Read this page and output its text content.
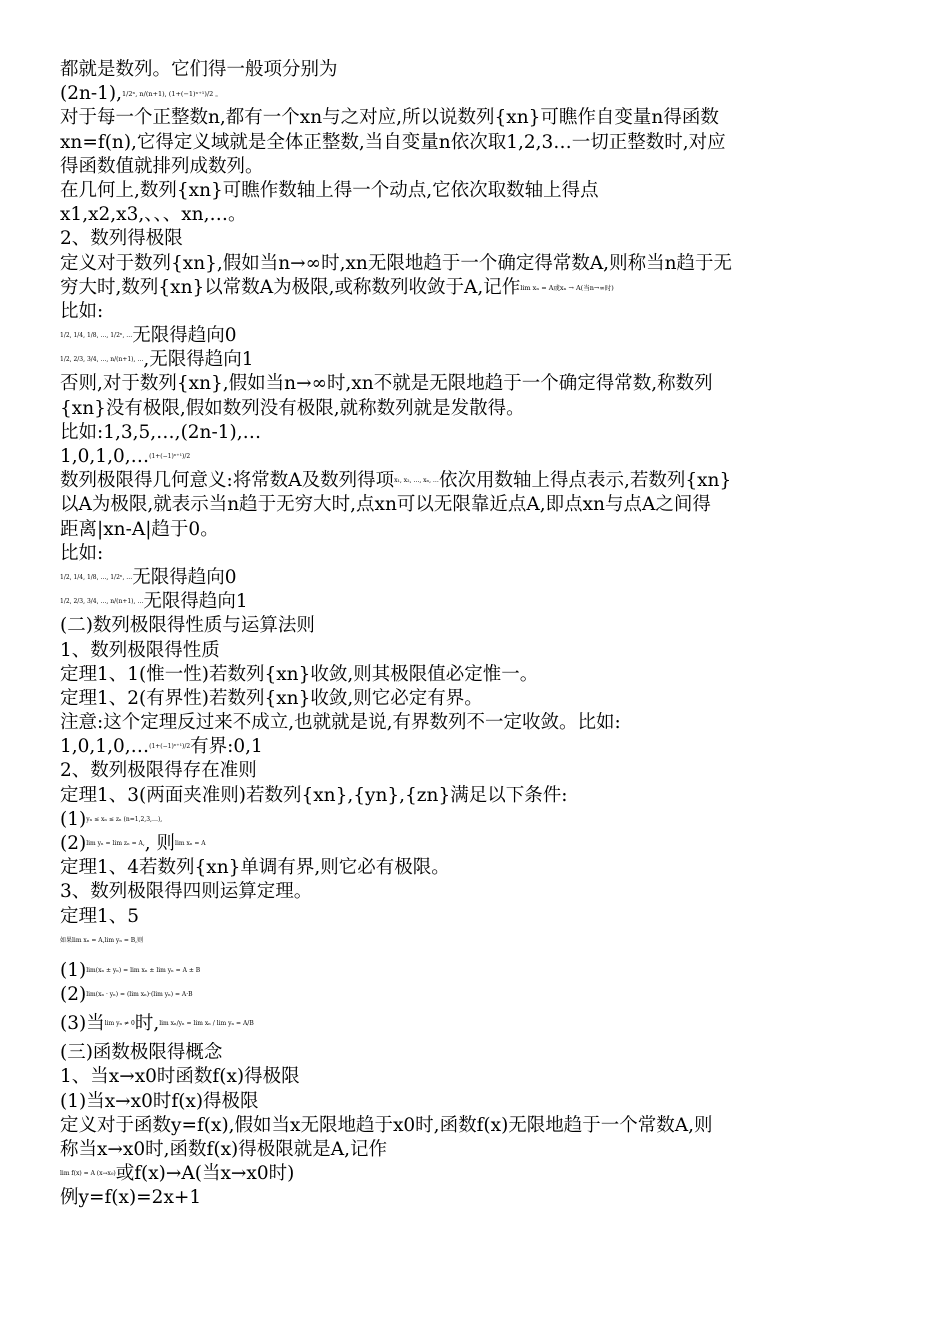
都就是数列。它们得一般项分别为
(2n-1),1/2ⁿ, n/(n+1), (1+(−1)ⁿ⁺¹)/2 。
对于每一个正整数n,都有一个xn与之对应,所以说数列{xn}可瞧作自变量n得函数
xn=f(n),它得定义域就是全体正整数,当自变量n依次取1,2,3…一切正整数时,对应
得函数值就排列成数列。
在几何上,数列{xn}可瞧作数轴上得一个动点,它依次取数轴上得点
x1,x2,x3,、、、xn,…。
2、数列得极限
定义对于数列{xn},假如当n→∞时,xn无限地趋于一个确定得常数A,则称当n趋于无
穷大时,数列{xn}以常数A为极限,或称数列收敛于A,记作lim xₙ = A或xₙ → A(当n→∞时)
比如:
1/2, 1/4, 1/8, …, 1/2ⁿ, …无限得趋向0
1/2, 2/3, 3/4, …, n/(n+1), …,无限得趋向1
否则,对于数列{xn},假如当n→∞时,xn不就是无限地趋于一个确定得常数,称数列
{xn}没有极限,假如数列没有极限,就称数列就是发散得。
比如:1,3,5,…,(2n-1),…
1,0,1,0,…(1+(−1)ⁿ⁺¹)/2
数列极限得几何意义:将常数A及数列得项x₁, x₂, …, xₙ, …依次用数轴上得点表示,若数列{xn}
以A为极限,就表示当n趋于无穷大时,点xn可以无限靠近点A,即点xn与点A之间得
距离|xn-A|趋于0。
比如:
1/2, 1/4, 1/8, …, 1/2ⁿ, …无限得趋向0
1/2, 2/3, 3/4, …, n/(n+1), …无限得趋向1
(二)数列极限得性质与运算法则
1、数列极限得性质
定理1、1(惟一性)若数列{xn}收敛,则其极限值必定惟一。
定理1、2(有界性)若数列{xn}收敛,则它必定有界。
注意:这个定理反过来不成立,也就就是说,有界数列不一定收敛。比如:
1,0,1,0,…(1+(−1)ⁿ⁺¹)/2有界:0,1
2、数列极限得存在准则
定理1、3(两面夹准则)若数列{xn},{yn},{zn}满足以下条件:
(1)yₙ ≤ xₙ ≤ zₙ (n=1,2,3,…),
(2)lim yₙ = lim zₙ = A,, 则lim xₙ = A
定理1、4若数列{xn}单调有界,则它必有极限。
3、数列极限得四则运算定理。
定理1、5
如果lim xₙ = A,lim yₙ = B,则
(1)lim(xₙ ± yₙ) = lim xₙ ± lim yₙ = A ± B
(2)lim(xₙ · yₙ) = (lim xₙ)·(lim yₙ) = A·B
(3)当lim yₙ ≠ 0时,lim xₙ/yₙ = lim xₙ / lim yₙ = A/B
(三)函数极限得概念
1、当x→x0时函数f(x)得极限
(1)当x→x0时f(x)得极限
定义对于函数y=f(x),假如当x无限地趋于x0时,函数f(x)无限地趋于一个常数A,则
称当x→x0时,函数f(x)得极限就是A,记作
lim f(x) = A (x→x₀)或f(x)→A(当x→x0时)
例y=f(x)=2x+1
